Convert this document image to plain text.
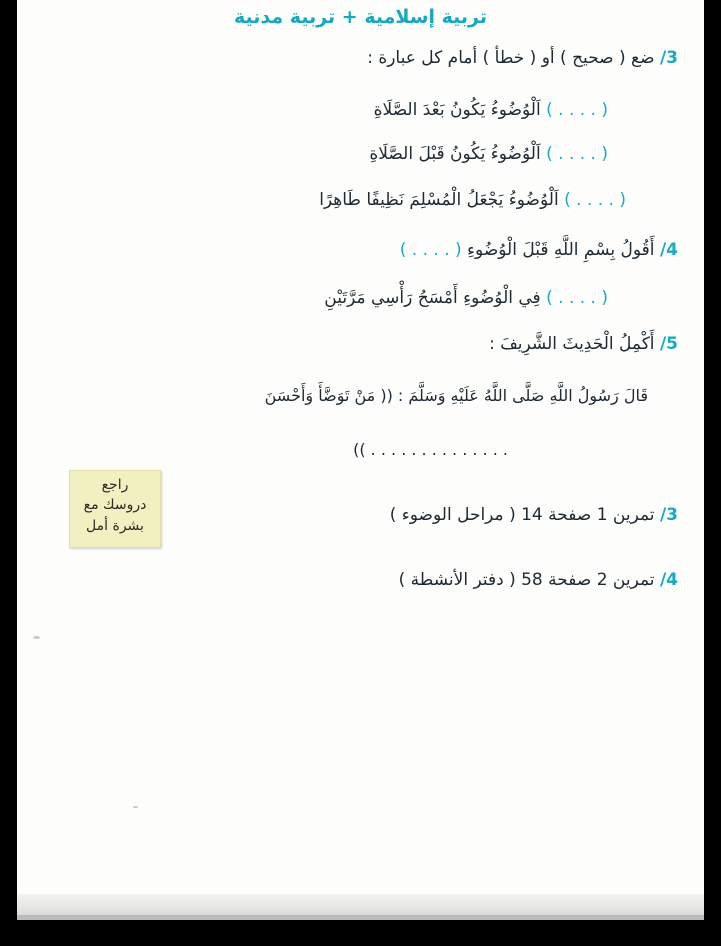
تربية إسلامية + تربية مدنية
3/ ضع ( صحيح ) أو ( خطأ ) أمام كل عبارة :
( . . . . ) اَلْوُضُوءُ يَكُونُ بَعْدَ الصَّلَاةِ
( . . . . ) اَلْوُضُوءُ يَكُونُ قَبْلَ الصَّلَاةِ
( . . . . ) اَلْوُضُوءُ يَجْعَلُ الْمُسْلِمَ نَظِيفًا طَاهِرًا
4/ أَقُولُ بِسْمِ اللَّهِ قَبْلَ الْوُضُوءِ ( . . . . )
( . . . . ) فِي الْوُضُوءِ أَمْسَحُ رَأْسِي مَرَّتَيْنِ
5/ أَكْمِلُ الْحَدِيثَ الشَّرِيفَ :
قَالَ رَسُولُ اللَّهِ صَلَّى اللَّهُ عَلَيْهِ وَسَلَّمَ : (( مَنْ تَوَضَّأَ وَأَحْسَنَ
. . . . . . . . . . . . . . ))
3/ تمرين 1 صفحة 14 ( مراحل الوضوء )
4/ تمرين 2 صفحة 58 ( دفتر الأنشطة )
راجع
دروسك مع
بشرة أمل
